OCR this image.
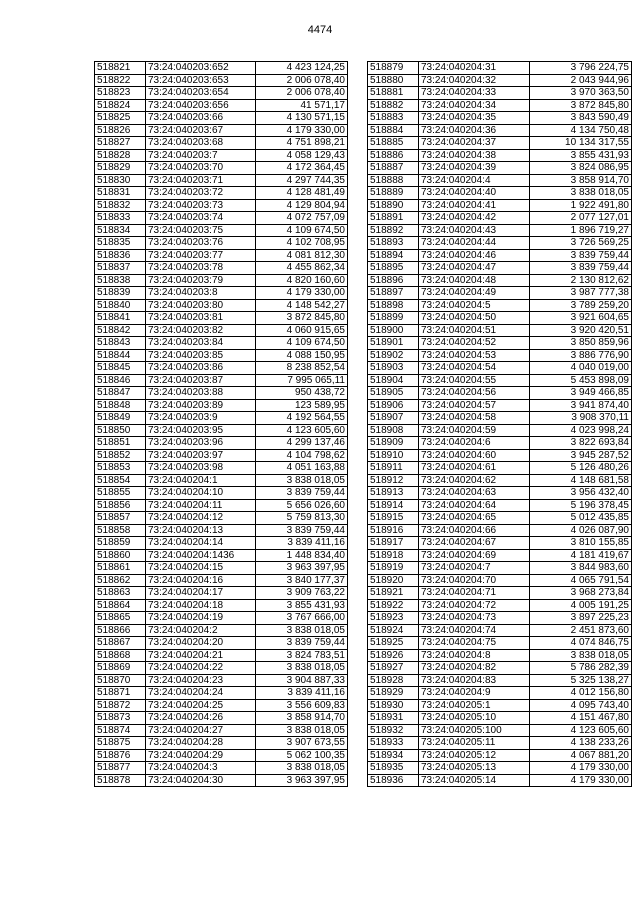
4474
518821	73:24:040203:652	4 423 124,25
518822	73:24:040203:653	2 006 078,40
518823	73:24:040203:654	2 006 078,40
518824	73:24:040203:656	41 571,17
518825	73:24:040203:66	4 130 571,15
518826	73:24:040203:67	4 179 330,00
518827	73:24:040203:68	4 751 898,21
518828	73:24:040203:7	4 058 129,43
518829	73:24:040203:70	4 172 364,45
518830	73:24:040203:71	4 297 744,35
518831	73:24:040203:72	4 128 481,49
518832	73:24:040203:73	4 129 804,94
518833	73:24:040203:74	4 072 757,09
518834	73:24:040203:75	4 109 674,50
518835	73:24:040203:76	4 102 708,95
518836	73:24:040203:77	4 081 812,30
518837	73:24:040203:78	4 455 862,34
518838	73:24:040203:79	4 820 160,60
518839	73:24:040203:8	4 179 330,00
518840	73:24:040203:80	4 148 542,27
518841	73:24:040203:81	3 872 845,80
518842	73:24:040203:82	4 060 915,65
518843	73:24:040203:84	4 109 674,50
518844	73:24:040203:85	4 088 150,95
518845	73:24:040203:86	8 238 852,54
518846	73:24:040203:87	7 995 065,11
518847	73:24:040203:88	950 438,72
518848	73:24:040203:89	123 589,95
518849	73:24:040203:9	4 192 564,55
518850	73:24:040203:95	4 123 605,60
518851	73:24:040203:96	4 299 137,46
518852	73:24:040203:97	4 104 798,62
518853	73:24:040203:98	4 051 163,88
518854	73:24:040204:1	3 838 018,05
518855	73:24:040204:10	3 839 759,44
518856	73:24:040204:11	5 656 026,60
518857	73:24:040204:12	5 759 813,30
518858	73:24:040204:13	3 839 759,44
518859	73:24:040204:14	3 839 411,16
518860	73:24:040204:1436	1 448 834,40
518861	73:24:040204:15	3 963 397,95
518862	73:24:040204:16	3 840 177,37
518863	73:24:040204:17	3 909 763,22
518864	73:24:040204:18	3 855 431,93
518865	73:24:040204:19	3 767 666,00
518866	73:24:040204:2	3 838 018,05
518867	73:24:040204:20	3 839 759,44
518868	73:24:040204:21	3 824 783,51
518869	73:24:040204:22	3 838 018,05
518870	73:24:040204:23	3 904 887,33
518871	73:24:040204:24	3 839 411,16
518872	73:24:040204:25	3 556 609,83
518873	73:24:040204:26	3 858 914,70
518874	73:24:040204:27	3 838 018,05
518875	73:24:040204:28	3 907 673,55
518876	73:24:040204:29	5 062 100,35
518877	73:24:040204:3	3 838 018,05
518878	73:24:040204:30	3 963 397,95
518879	73:24:040204:31	3 796 224,75
518880	73:24:040204:32	2 043 944,96
518881	73:24:040204:33	3 970 363,50
518882	73:24:040204:34	3 872 845,80
518883	73:24:040204:35	3 843 590,49
518884	73:24:040204:36	4 134 750,48
518885	73:24:040204:37	10 134 317,55
518886	73:24:040204:38	3 855 431,93
518887	73:24:040204:39	3 824 086,95
518888	73:24:040204:4	3 858 914,70
518889	73:24:040204:40	3 838 018,05
518890	73:24:040204:41	1 922 491,80
518891	73:24:040204:42	2 077 127,01
518892	73:24:040204:43	1 896 719,27
518893	73:24:040204:44	3 726 569,25
518894	73:24:040204:46	3 839 759,44
518895	73:24:040204:47	3 839 759,44
518896	73:24:040204:48	2 130 812,62
518897	73:24:040204:49	3 987 777,38
518898	73:24:040204:5	3 789 259,20
518899	73:24:040204:50	3 921 604,65
518900	73:24:040204:51	3 920 420,51
518901	73:24:040204:52	3 850 859,96
518902	73:24:040204:53	3 886 776,90
518903	73:24:040204:54	4 040 019,00
518904	73:24:040204:55	5 453 898,09
518905	73:24:040204:56	3 949 466,85
518906	73:24:040204:57	3 941 874,40
518907	73:24:040204:58	3 908 370,11
518908	73:24:040204:59	4 023 998,24
518909	73:24:040204:6	3 822 693,84
518910	73:24:040204:60	3 945 287,52
518911	73:24:040204:61	5 126 480,26
518912	73:24:040204:62	4 148 681,58
518913	73:24:040204:63	3 956 432,40
518914	73:24:040204:64	5 196 378,45
518915	73:24:040204:65	5 012 435,85
518916	73:24:040204:66	4 026 087,90
518917	73:24:040204:67	3 810 155,85
518918	73:24:040204:69	4 181 419,67
518919	73:24:040204:7	3 844 983,60
518920	73:24:040204:70	4 065 791,54
518921	73:24:040204:71	3 968 273,84
518922	73:24:040204:72	4 005 191,25
518923	73:24:040204:73	3 897 225,23
518924	73:24:040204:74	2 451 873,60
518925	73:24:040204:75	4 074 846,75
518926	73:24:040204:8	3 838 018,05
518927	73:24:040204:82	5 786 282,39
518928	73:24:040204:83	5 325 138,27
518929	73:24:040204:9	4 012 156,80
518930	73:24:040205:1	4 095 743,40
518931	73:24:040205:10	4 151 467,80
518932	73:24:040205:100	4 123 605,60
518933	73:24:040205:11	4 138 233,26
518934	73:24:040205:12	4 067 881,20
518935	73:24:040205:13	4 179 330,00
518936	73:24:040205:14	4 179 330,00
